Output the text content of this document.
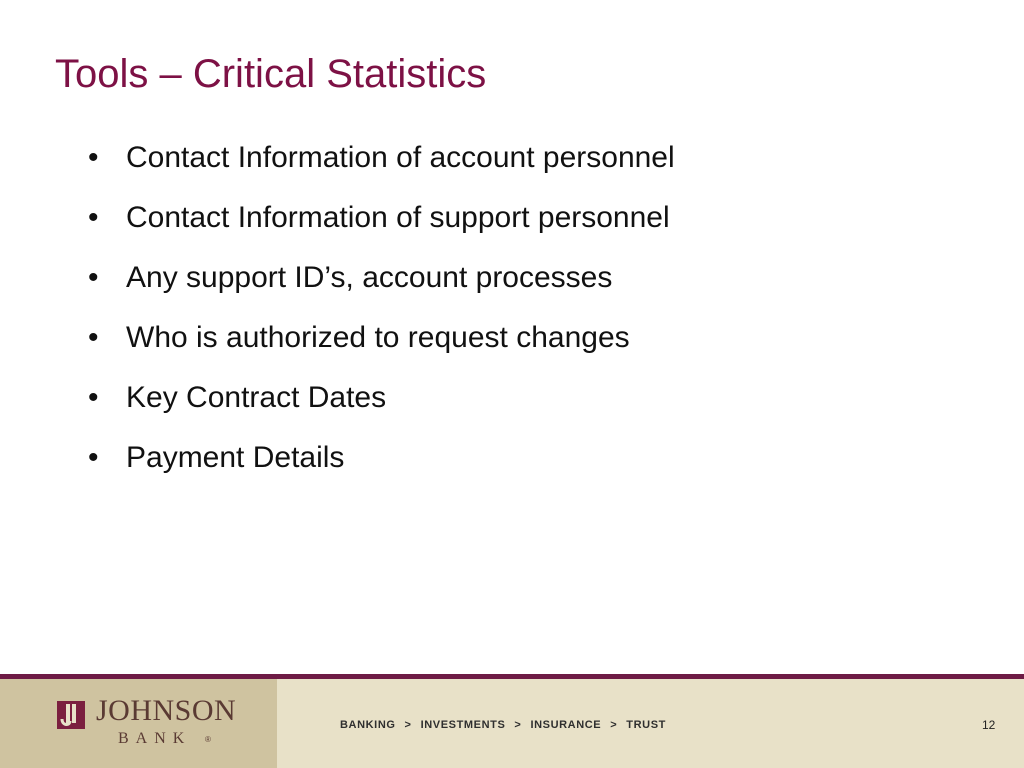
Tools – Critical Statistics
• Contact Information of account personnel
• Contact Information of support personnel
• Any support ID’s, account processes
• Who is authorized to request changes
• Key Contract Dates
• Payment Details
JOHNSON
BANK ®
BANKING > INVESTMENTS > INSURANCE > TRUST	12
